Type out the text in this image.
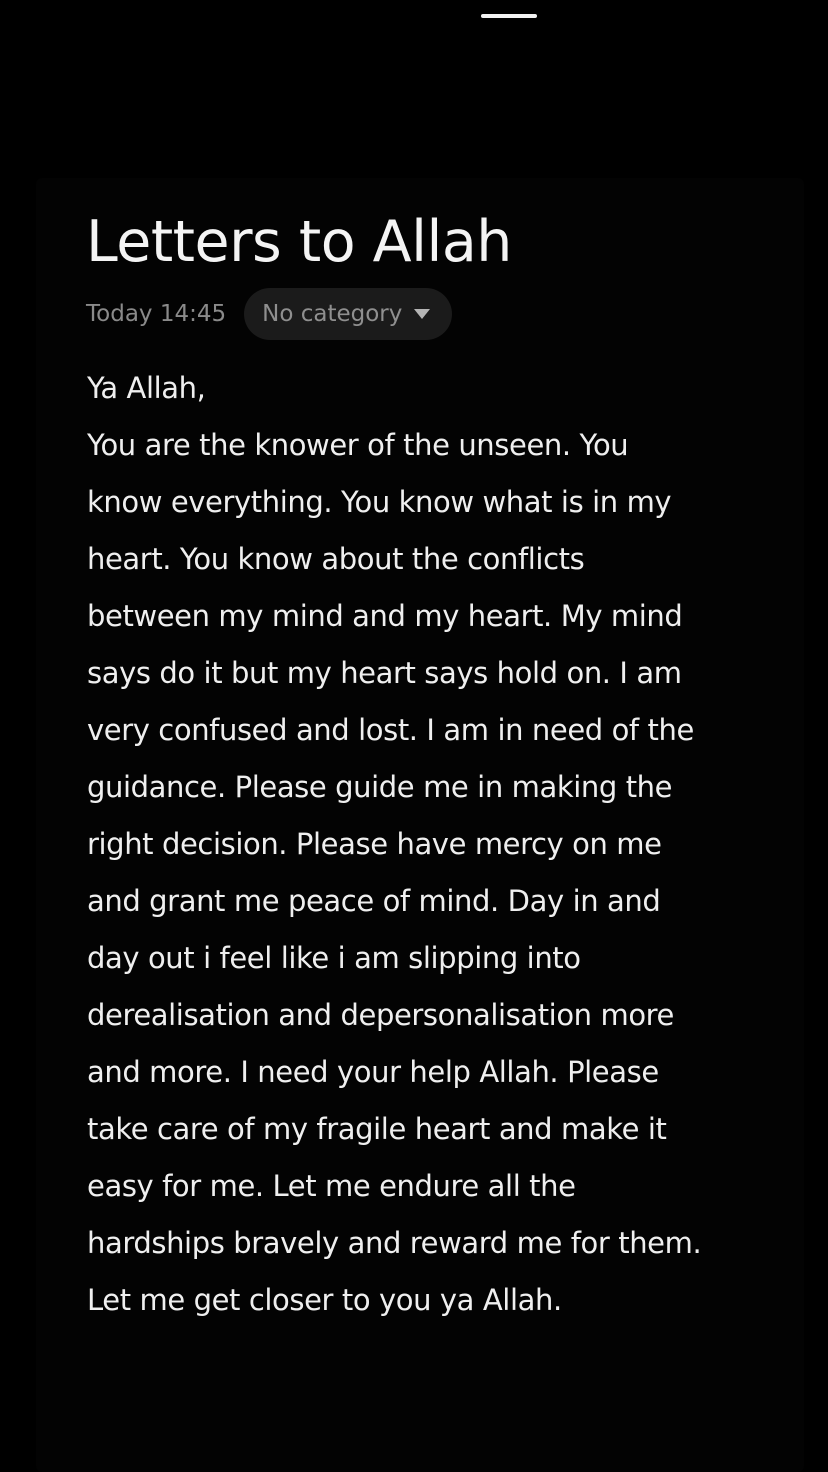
Letters to Allah
Today 14:45 No category
Ya Allah,
You are the knower of the unseen. You
know everything. You know what is in my
heart. You know about the conflicts
between my mind and my heart. My mind
says do it but my heart says hold on. I am
very confused and lost. I am in need of the
guidance. Please guide me in making the
right decision. Please have mercy on me
and grant me peace of mind. Day in and
day out i feel like i am slipping into
derealisation and depersonalisation more
and more. I need your help Allah. Please
take care of my fragile heart and make it
easy for me. Let me endure all the
hardships bravely and reward me for them.
Let me get closer to you ya Allah.
